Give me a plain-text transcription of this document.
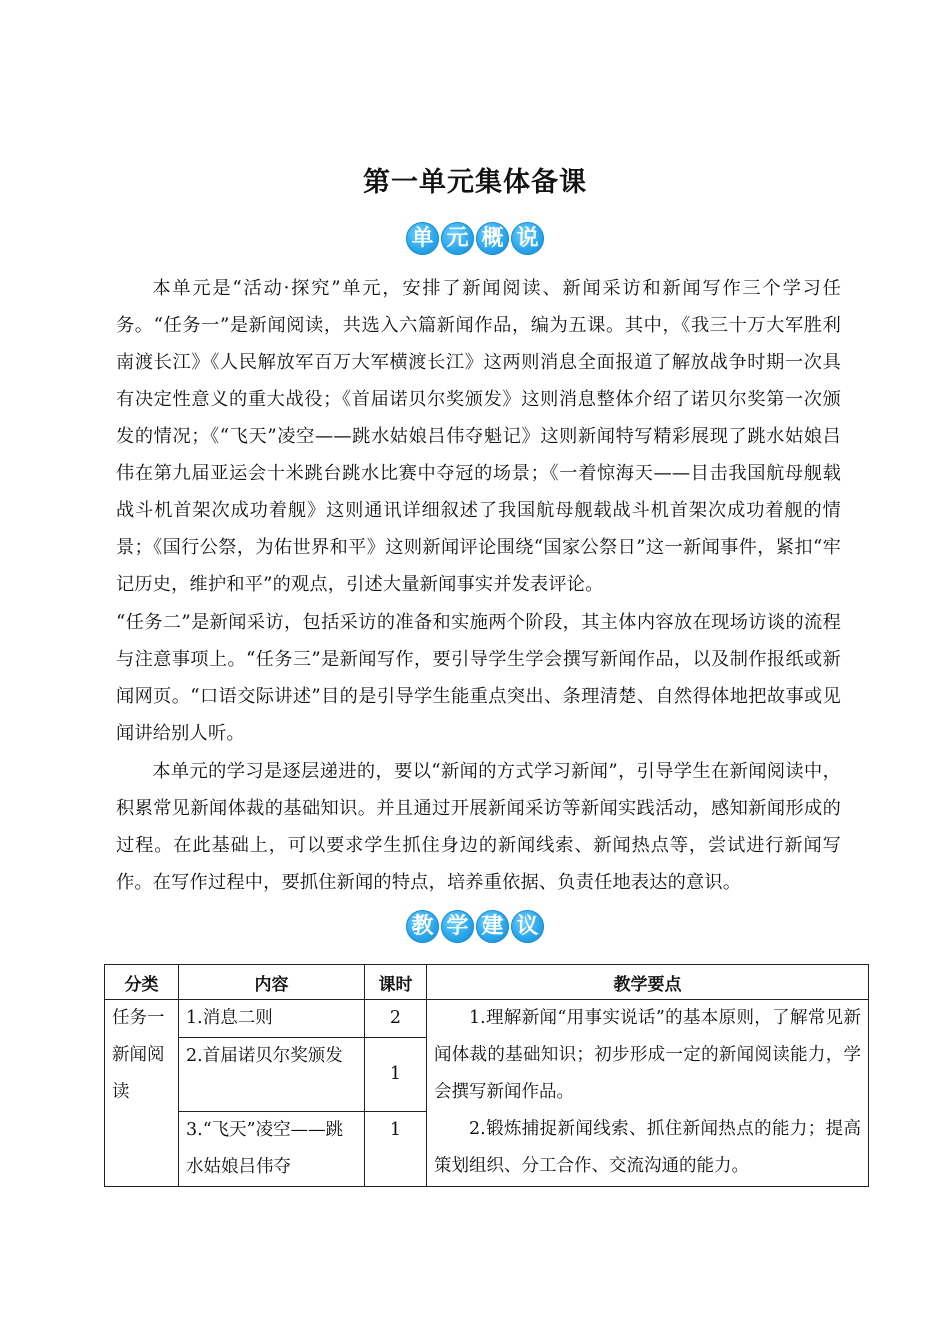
第一单元集体备课
单 元 概 说

本单元是“活动·探究”单元，安排了新闻阅读、新闻采访和新闻写作三个学习任务。“任务一”是新闻阅读，共选入六篇新闻作品，编为五课。其中，《我三十万大军胜利南渡长江》《人民解放军百万大军横渡长江》这两则消息全面报道了解放战争时期一次具有决定性意义的重大战役；《首届诺贝尔奖颁发》这则消息整体介绍了诺贝尔奖第一次颁发的情况；《“飞天”凌空——跳水姑娘吕伟夺魁记》这则新闻特写精彩展现了跳水姑娘吕伟在第九届亚运会十米跳台跳水比赛中夺冠的场景；《一着惊海天——目击我国航母舰载战斗机首架次成功着舰》这则通讯详细叙述了我国航母舰载战斗机首架次成功着舰的情景；《国行公祭，为佑世界和平》这则新闻评论围绕“国家公祭日”这一新闻事件，紧扣“牢记历史，维护和平”的观点，引述大量新闻事实并发表评论。

“任务二”是新闻采访，包括采访的准备和实施两个阶段，其主体内容放在现场访谈的流程与注意事项上。“任务三”是新闻写作，要引导学生学会撰写新闻作品，以及制作报纸或新闻网页。“口语交际讲述”目的是引导学生能重点突出、条理清楚、自然得体地把故事或见闻讲给别人听。

本单元的学习是逐层递进的，要以“新闻的方式学习新闻”，引导学生在新闻阅读中，积累常见新闻体裁的基础知识。并且通过开展新闻采访等新闻实践活动，感知新闻形成的过程。在此基础上，可以要求学生抓住身边的新闻线索、新闻热点等，尝试进行新闻写作。在写作过程中，要抓住新闻的特点，培养重依据、负责任地表达的意识。

教 学 建 议
分类	内容	课时	教学要点
任务一新闻阅读	1.消息二则	2	1.理解新闻“用事实说话”的基本原则，了解常见新闻体裁的基础知识；初步形成一定的新闻阅读能力，学会撰写新闻作品。

2.锻炼捕捉新闻线索、抓住新闻热点的能力；提高策划组织、分工合作、交流沟通的能力。

	2.首届诺贝尔奖颁发	1	
	3.“飞天”凌空——跳水姑娘吕伟夺	1	
